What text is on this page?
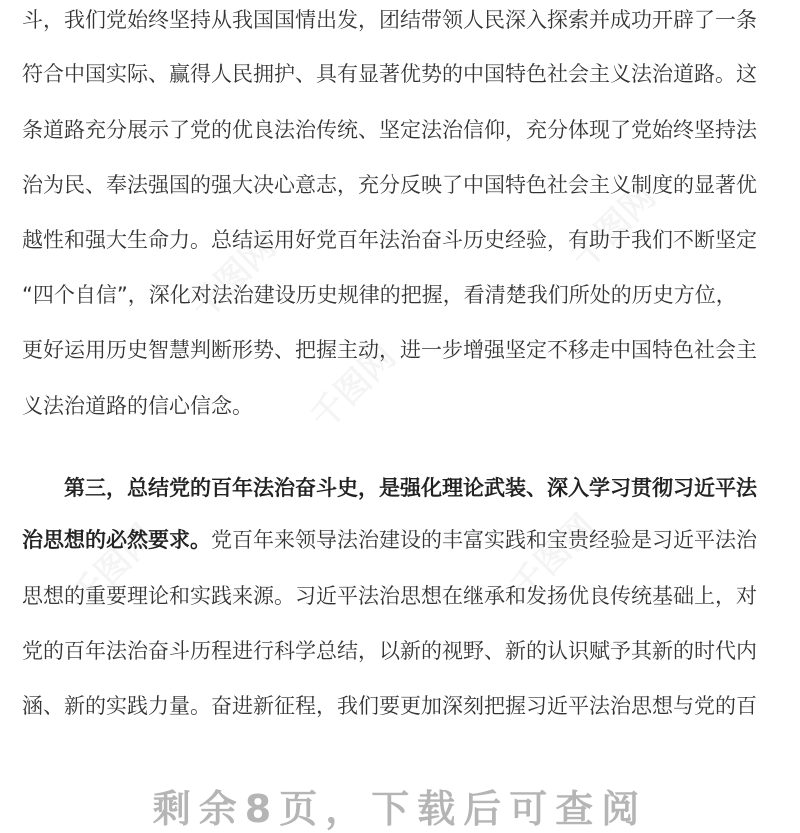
斗，我们党始终坚持从我国国情出发，团结带领人民深入探索并成功开辟了一条
符合中国实际、赢得人民拥护、具有显著优势的中国特色社会主义法治道路。这
条道路充分展示了党的优良法治传统、坚定法治信仰，充分体现了党始终坚持法
治为民、奉法强国的强大决心意志，充分反映了中国特色社会主义制度的显著优
越性和强大生命力。总结运用好党百年法治奋斗历史经验，有助于我们不断坚定
“四个自信”，深化对法治建设历史规律的把握，看清楚我们所处的历史方位，
更好运用历史智慧判断形势、把握主动，进一步增强坚定不移走中国特色社会主
义法治道路的信心信念。
第三，总结党的百年法治奋斗史，是强化理论武装、深入学习贯彻习近平法
治思想的必然要求。党百年来领导法治建设的丰富实践和宝贵经验是习近平法治
思想的重要理论和实践来源。习近平法治思想在继承和发扬优良传统基础上，对
党的百年法治奋斗历程进行科学总结，以新的视野、新的认识赋予其新的时代内
涵、新的实践力量。奋进新征程，我们要更加深刻把握习近平法治思想与党的百
剩余8页，下载后可查阅
